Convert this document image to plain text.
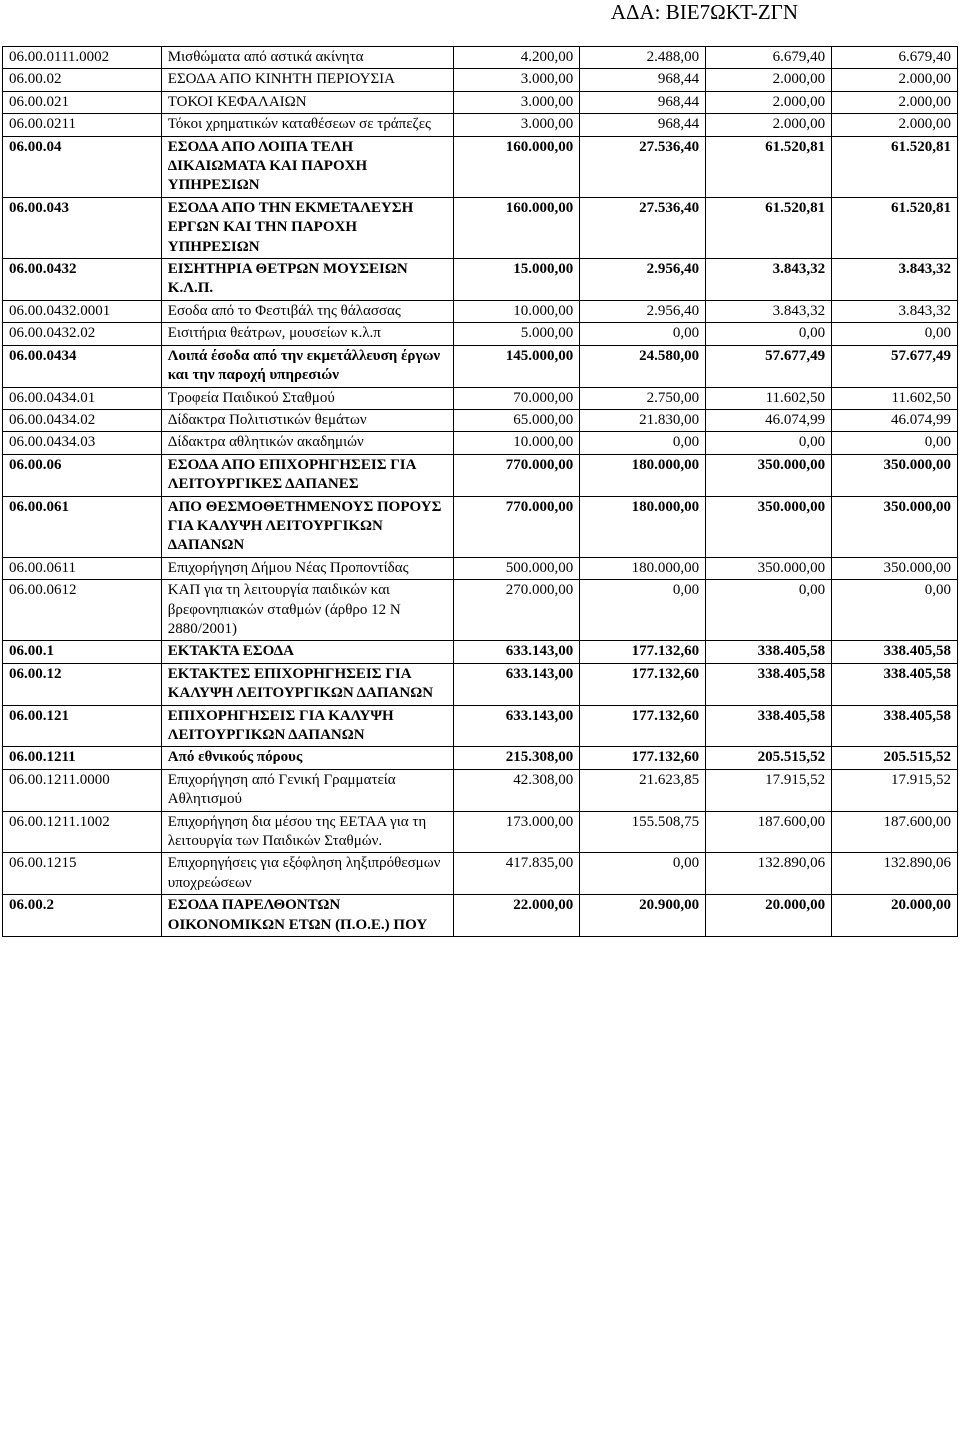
ΑΔΑ: ΒΙΕ7ΩΚΤ-ΖΓΝ
06.00.0111.0002	Μισθώματα από αστικά ακίνητα	4.200,00	2.488,00	6.679,40	6.679,40
06.00.02	ΕΣΟΔΑ ΑΠΟ ΚΙΝΗΤΗ ΠΕΡΙΟΥΣΙΑ	3.000,00	968,44	2.000,00	2.000,00
06.00.021	ΤΟΚΟΙ ΚΕΦΑΛΑΙΩΝ	3.000,00	968,44	2.000,00	2.000,00
06.00.0211	Τόκοι χρηματικών καταθέσεων σε τράπεζες	3.000,00	968,44	2.000,00	2.000,00
06.00.04	ΕΣΟΔΑ ΑΠΟ ΛΟΙΠΑ ΤΕΛΗ ΔΙΚΑΙΩΜΑΤΑ ΚΑΙ ΠΑΡΟΧΗ ΥΠΗΡΕΣΙΩΝ	160.000,00	27.536,40	61.520,81	61.520,81
06.00.043	ΕΣΟΔΑ ΑΠΟ ΤΗΝ ΕΚΜΕΤΑΛΕΥΣΗ ΕΡΓΩΝ ΚΑΙ ΤΗΝ ΠΑΡΟΧΗ ΥΠΗΡΕΣΙΩΝ	160.000,00	27.536,40	61.520,81	61.520,81
06.00.0432	ΕΙΣΗΤΗΡΙΑ ΘΕΤΡΩΝ ΜΟΥΣΕΙΩΝ Κ.Λ.Π.	15.000,00	2.956,40	3.843,32	3.843,32
06.00.0432.0001	Εσοδα από το Φεστιβάλ της θάλασσας	10.000,00	2.956,40	3.843,32	3.843,32
06.00.0432.02	Εισιτήρια θεάτρων, μουσείων κ.λ.π	5.000,00	0,00	0,00	0,00
06.00.0434	Λοιπά έσοδα από την εκμετάλλευση έργων και την παροχή υπηρεσιών	145.000,00	24.580,00	57.677,49	57.677,49
06.00.0434.01	Τροφεία Παιδικού Σταθμού	70.000,00	2.750,00	11.602,50	11.602,50
06.00.0434.02	Δίδακτρα Πολιτιστικών θεμάτων	65.000,00	21.830,00	46.074,99	46.074,99
06.00.0434.03	Δίδακτρα αθλητικών ακαδημιών	10.000,00	0,00	0,00	0,00
06.00.06	ΕΣΟΔΑ ΑΠΟ ΕΠΙΧΟΡΗΓΗΣΕΙΣ ΓΙΑ ΛΕΙΤΟΥΡΓΙΚΕΣ ΔΑΠΑΝΕΣ	770.000,00	180.000,00	350.000,00	350.000,00
06.00.061	ΑΠΟ ΘΕΣΜΟΘΕΤΗΜΕΝΟΥΣ ΠΟΡΟΥΣ ΓΙΑ ΚΑΛΥΨΗ ΛΕΙΤΟΥΡΓΙΚΩΝ ΔΑΠΑΝΩΝ	770.000,00	180.000,00	350.000,00	350.000,00
06.00.0611	Επιχορήγηση Δήμου Νέας Προποντίδας	500.000,00	180.000,00	350.000,00	350.000,00
06.00.0612	ΚΑΠ για τη λειτουργία παιδικών και βρεφονηπιακών σταθμών (άρθρο 12 Ν 2880/2001)	270.000,00	0,00	0,00	0,00
06.00.1	ΕΚΤΑΚΤΑ ΕΣΟΔΑ	633.143,00	177.132,60	338.405,58	338.405,58
06.00.12	ΕΚΤΑΚΤΕΣ ΕΠΙΧΟΡΗΓΗΣΕΙΣ ΓΙΑ ΚΑΛΥΨΗ ΛΕΙΤΟΥΡΓΙΚΩΝ ΔΑΠΑΝΩΝ	633.143,00	177.132,60	338.405,58	338.405,58
06.00.121	ΕΠΙΧΟΡΗΓΗΣΕΙΣ ΓΙΑ ΚΑΛΥΨΗ ΛΕΙΤΟΥΡΓΙΚΩΝ ΔΑΠΑΝΩΝ	633.143,00	177.132,60	338.405,58	338.405,58
06.00.1211	Από εθνικούς πόρους	215.308,00	177.132,60	205.515,52	205.515,52
06.00.1211.0000	Επιχορήγηση από Γενική Γραμματεία Αθλητισμού	42.308,00	21.623,85	17.915,52	17.915,52
06.00.1211.1002	Επιχορήγηση δια μέσου της ΕΕΤΑΑ για τη λειτουργία των Παιδικών Σταθμών.	173.000,00	155.508,75	187.600,00	187.600,00
06.00.1215	Επιχορηγήσεις για εξόφληση ληξιπρόθεσμων υποχρεώσεων	417.835,00	0,00	132.890,06	132.890,06
06.00.2	ΕΣΟΔΑ ΠΑΡΕΛΘΟΝΤΩΝ ΟΙΚΟΝΟΜΙΚΩΝ ΕΤΩΝ (Π.Ο.Ε.) ΠΟΥ	22.000,00	20.900,00	20.000,00	20.000,00
